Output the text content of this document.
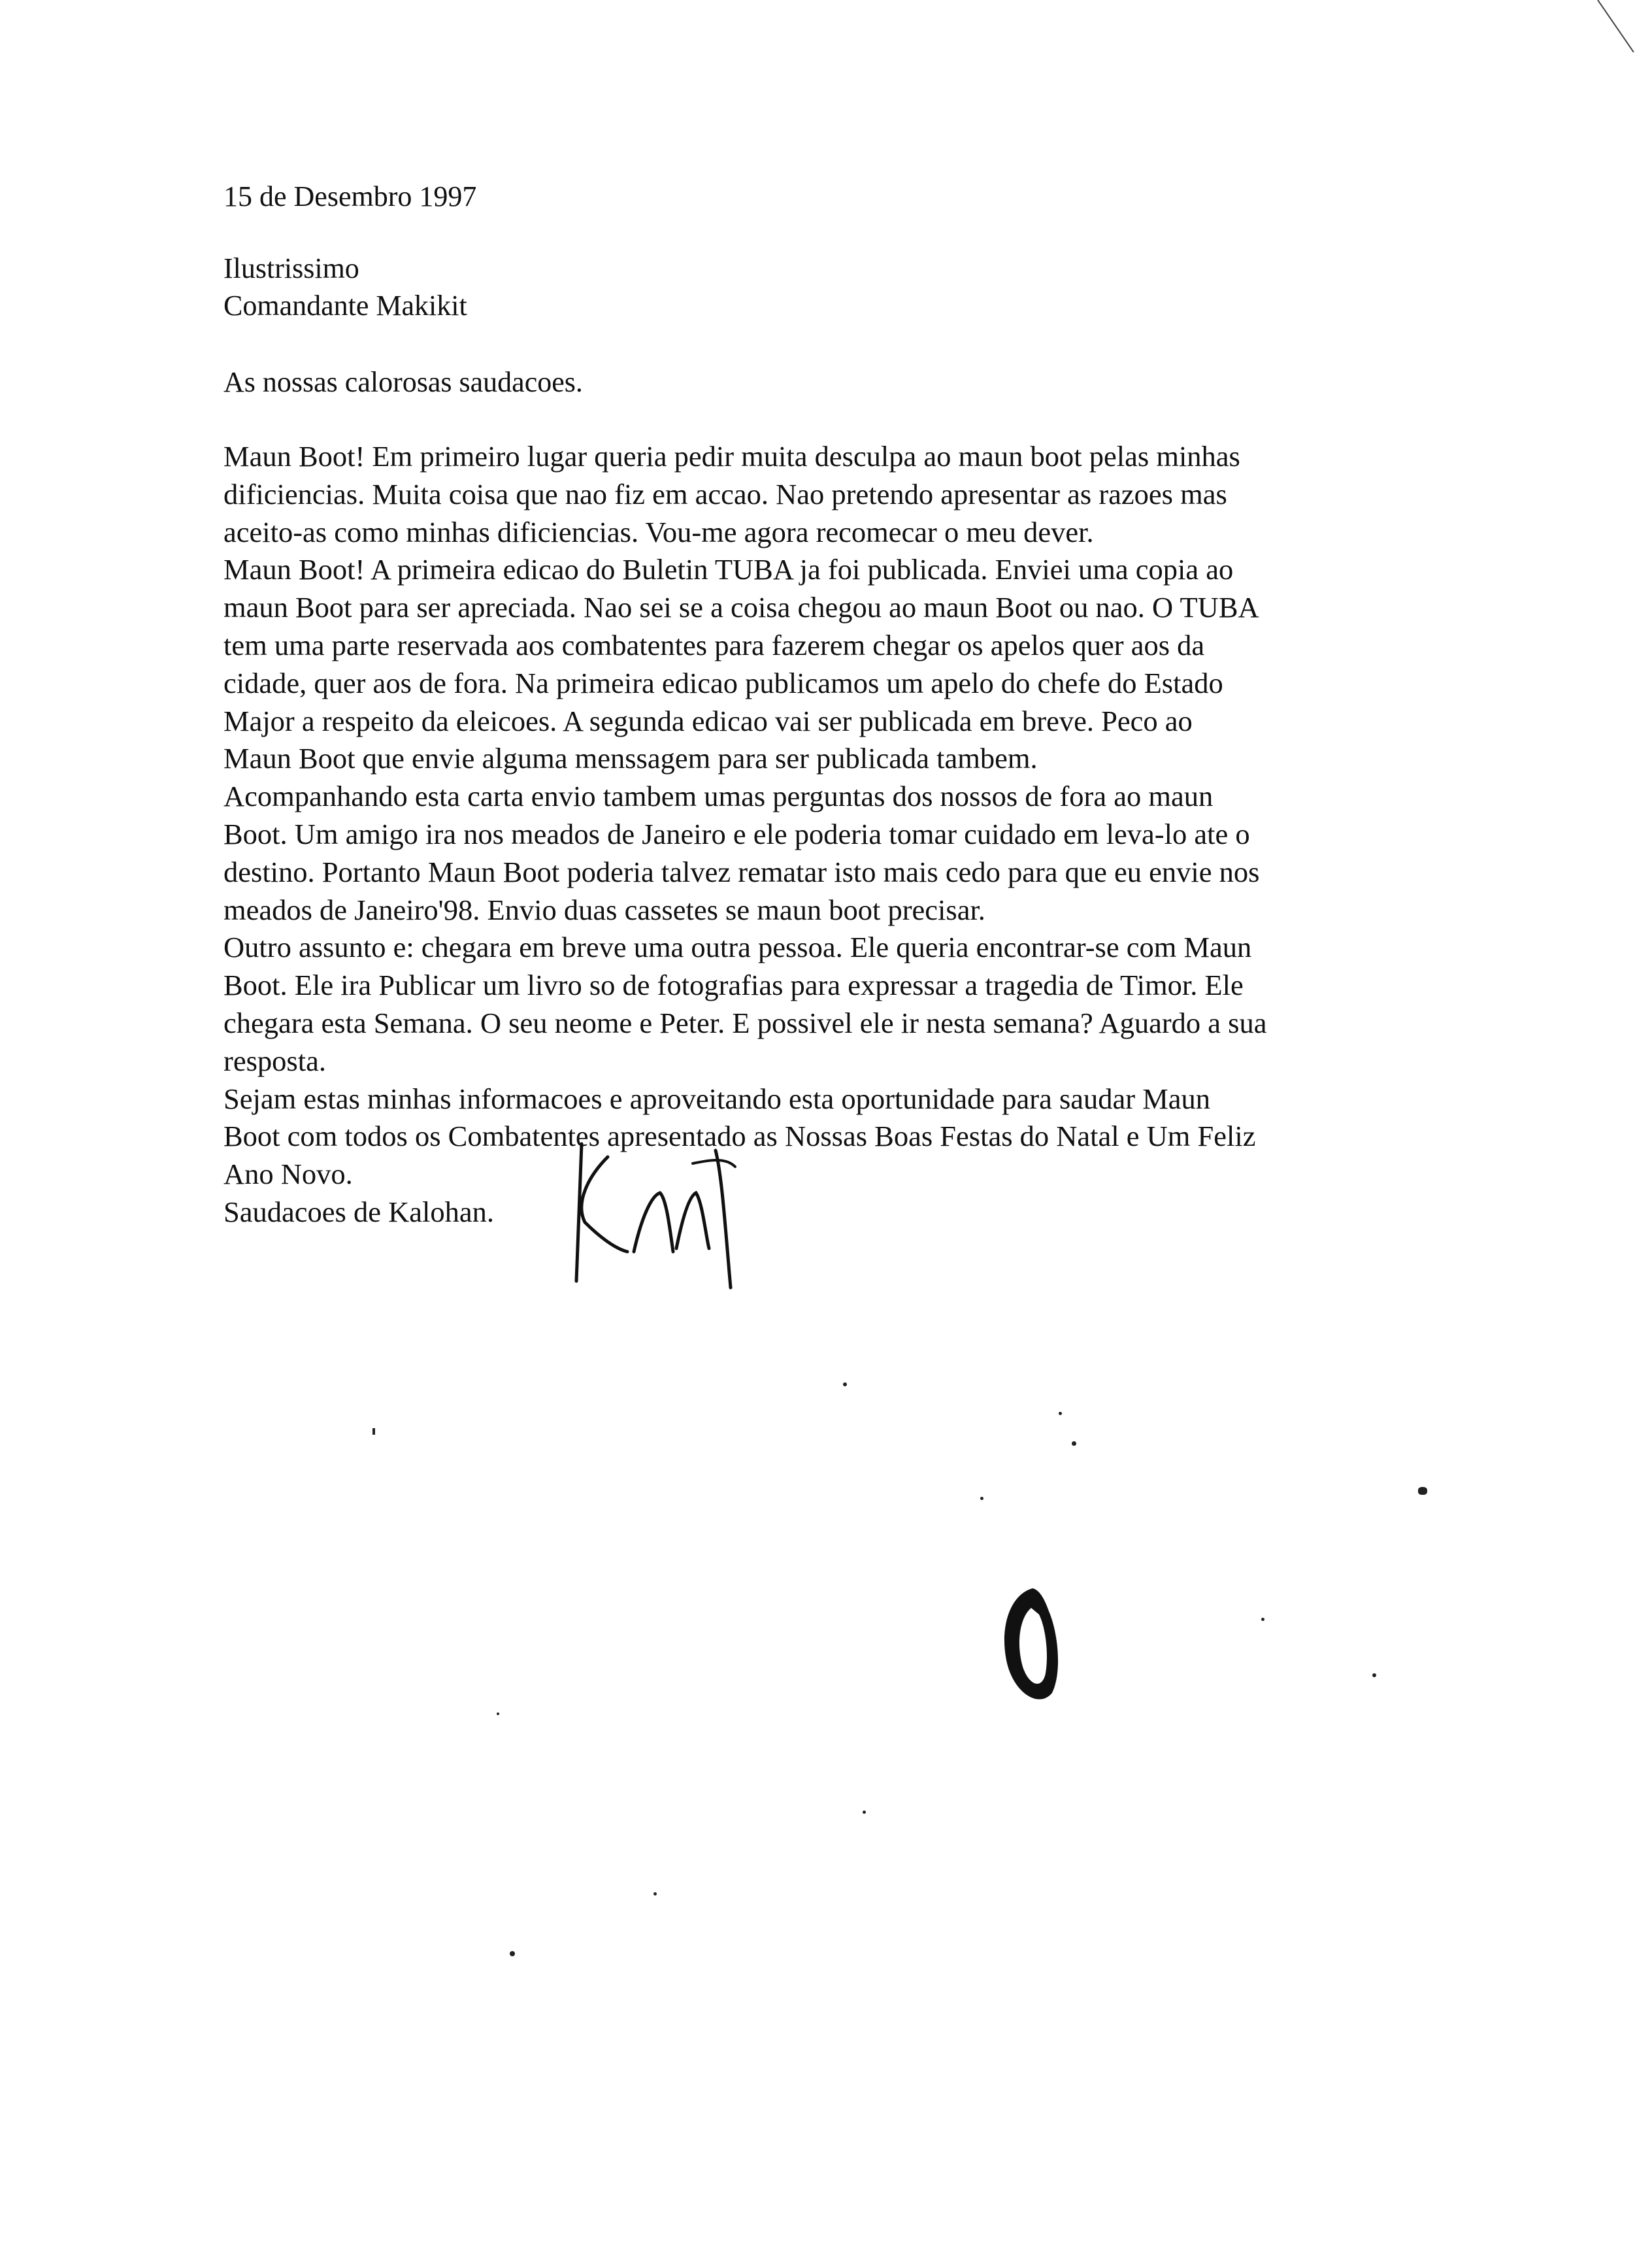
15 de Desembro 1997
Ilustrissimo
Comandante Makikit
As nossas calorosas saudacoes.

Maun Boot! Em primeiro lugar queria pedir muita desculpa ao maun boot pelas minhas
dificiencias. Muita coisa que nao fiz em accao. Nao pretendo apresentar as razoes mas
aceito-as como minhas dificiencias. Vou-me agora recomecar o meu dever.

Maun Boot! A primeira edicao do Buletin TUBA ja foi publicada. Enviei uma copia ao
maun Boot para ser apreciada. Nao sei se a coisa chegou ao maun Boot ou nao. O TUBA
tem uma parte reservada aos combatentes para fazerem chegar os apelos quer aos da
cidade, quer aos de fora. Na primeira edicao publicamos um apelo do chefe do Estado
Major a respeito da eleicoes. A segunda edicao vai ser publicada em breve. Peco ao
Maun Boot que envie alguma menssagem para ser publicada tambem.

Acompanhando esta carta envio tambem umas perguntas dos nossos de fora ao maun
Boot. Um amigo ira nos meados de Janeiro e ele poderia tomar cuidado em leva-lo ate o
destino. Portanto Maun Boot poderia talvez rematar isto mais cedo para que eu envie nos
meados de Janeiro'98. Envio duas cassetes se maun boot precisar.

Outro assunto e: chegara em breve uma outra pessoa. Ele queria encontrar-se com Maun
Boot. Ele ira Publicar um livro so de fotografias para expressar a tragedia de Timor. Ele
chegara esta Semana. O seu neome e Peter. E possivel ele ir nesta semana? Aguardo a sua
resposta.

Sejam estas minhas informacoes e aproveitando esta oportunidade para saudar Maun
Boot com todos os Combatentes apresentado as Nossas Boas Festas do Natal e Um Feliz
Ano Novo.

Saudacoes de Kalohan.
